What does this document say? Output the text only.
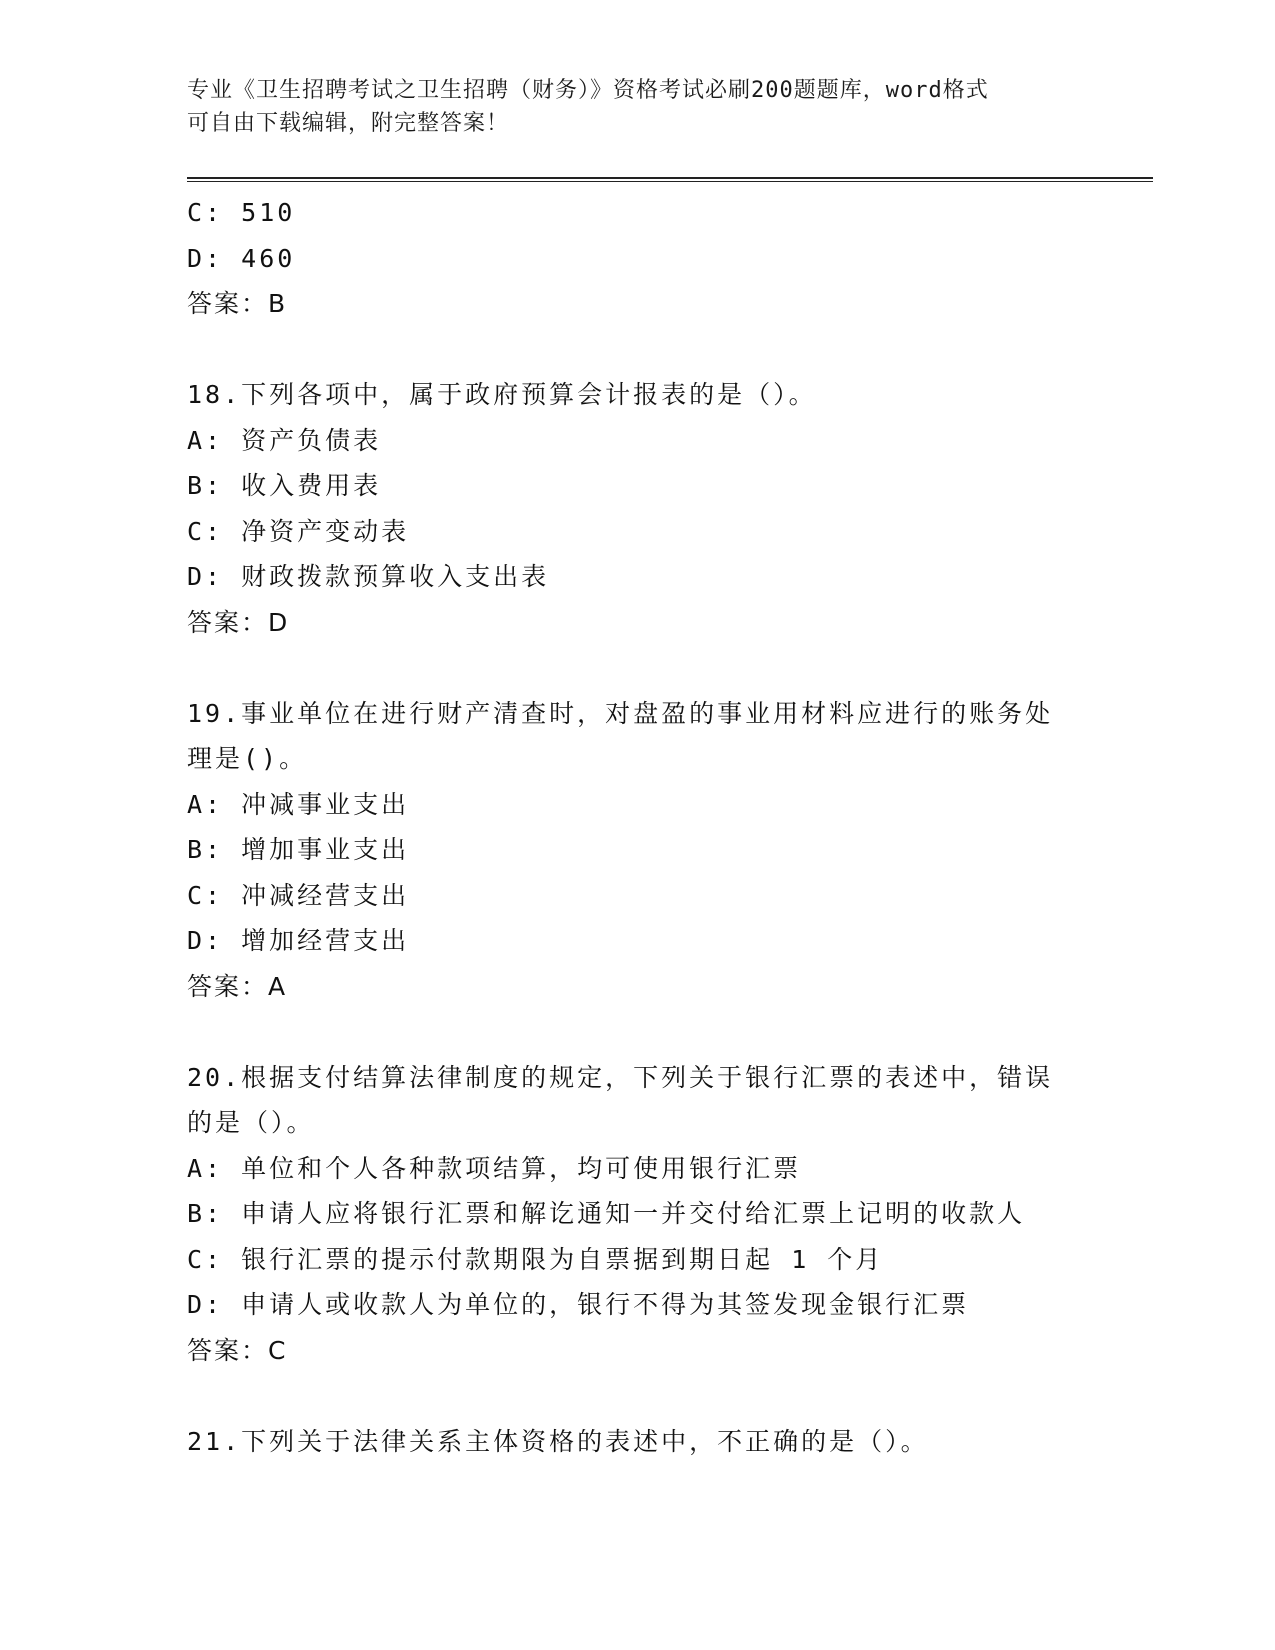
专业《卫生招聘考试之卫生招聘（财务）》资格考试必刷200题题库，word格式
可自由下载编辑，附完整答案！
C: 510
D: 460
答案：B
18.下列各项中，属于政府预算会计报表的是（）。
A: 资产负债表
B: 收入费用表
C: 净资产变动表
D: 财政拨款预算收入支出表
答案：D
19.事业单位在进行财产清查时，对盘盈的事业用材料应进行的账务处
理是()。
A: 冲减事业支出
B: 增加事业支出
C: 冲减经营支出
D: 增加经营支出
答案：A
20.根据支付结算法律制度的规定，下列关于银行汇票的表述中，错误
的是（）。
A: 单位和个人各种款项结算，均可使用银行汇票
B: 申请人应将银行汇票和解讫通知一并交付给汇票上记明的收款人
C: 银行汇票的提示付款期限为自票据到期日起 1 个月
D: 申请人或收款人为单位的，银行不得为其签发现金银行汇票
答案：C
21.下列关于法律关系主体资格的表述中，不正确的是（）。
